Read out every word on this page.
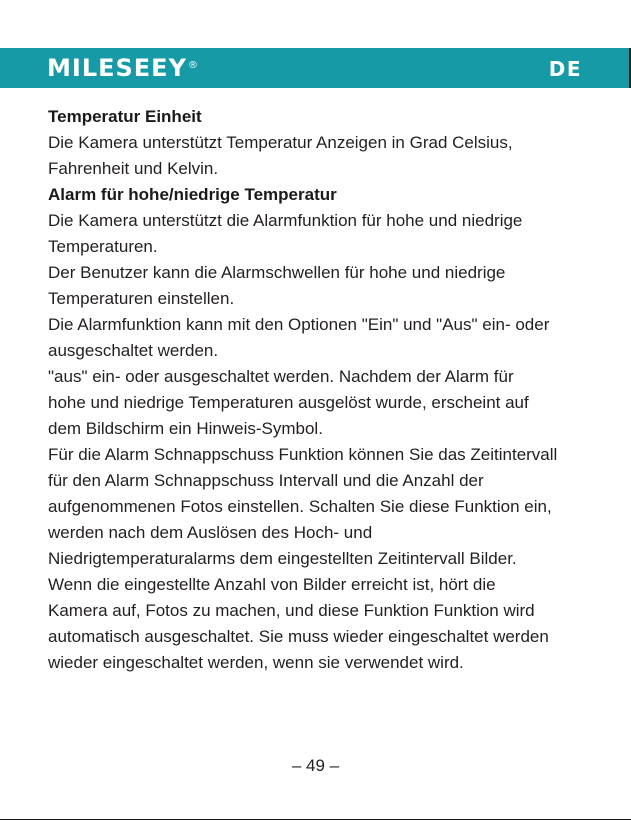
MILESEEY®	DE
Temperatur Einheit

Die Kamera unterstützt Temperatur Anzeigen in Grad Celsius,

Fahrenheit und Kelvin.

Alarm für hohe/niedrige Temperatur

Die Kamera unterstützt die Alarmfunktion für hohe und niedrige

Temperaturen.

Der Benutzer kann die Alarmschwellen für hohe und niedrige

Temperaturen einstellen.

Die Alarmfunktion kann mit den Optionen "Ein" und "Aus" ein- oder

ausgeschaltet werden.

"aus" ein- oder ausgeschaltet werden. Nachdem der Alarm für

hohe und niedrige Temperaturen ausgelöst wurde, erscheint auf

dem Bildschirm ein Hinweis-Symbol.

Für die Alarm Schnappschuss Funktion können Sie das Zeitintervall

für den Alarm Schnappschuss Intervall und die Anzahl der

aufgenommenen Fotos einstellen. Schalten Sie diese Funktion ein,

werden nach dem Auslösen des Hoch- und

Niedrigtemperaturalarms dem eingestellten Zeitintervall Bilder.

Wenn die eingestellte Anzahl von Bilder erreicht ist, hört die

Kamera auf, Fotos zu machen, und diese Funktion Funktion wird

automatisch ausgeschaltet. Sie muss wieder eingeschaltet werden

wieder eingeschaltet werden, wenn sie verwendet wird.

– 49 –
